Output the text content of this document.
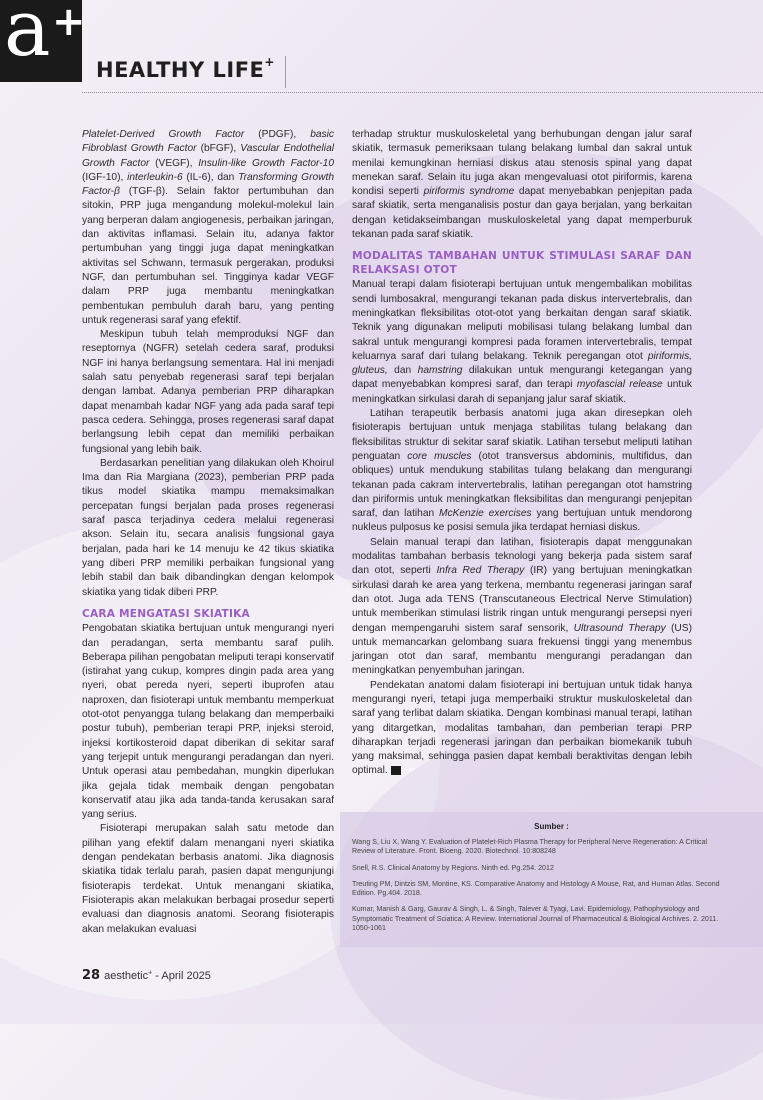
a +
HEALTHY LIFE+

Platelet-Derived Growth Factor (PDGF), basic Fibroblast Growth Factor (bFGF), Vascular Endothelial Growth Factor (VEGF), Insulin-like Growth Factor-10 (IGF-10), interleukin-6 (IL-6), dan Transforming Growth Factor-β (TGF-β). Selain faktor pertumbuhan dan sitokin, PRP juga mengandung molekul-molekul lain yang berperan dalam angiogenesis, perbaikan jaringan, dan aktivitas inflamasi. Selain itu, adanya faktor pertumbuhan yang tinggi juga dapat meningkatkan aktivitas sel Schwann, termasuk pergerakan, produksi NGF, dan pertumbuhan sel. Tingginya kadar VEGF dalam PRP juga membantu meningkatkan pembentukan pembuluh darah baru, yang penting untuk regenerasi saraf yang efektif.

Meskipun tubuh telah memproduksi NGF dan reseptornya (NGFR) setelah cedera saraf, produksi NGF ini hanya berlangsung sementara. Hal ini menjadi salah satu penyebab regenerasi saraf tepi berjalan dengan lambat. Adanya pemberian PRP diharapkan dapat menambah kadar NGF yang ada pada saraf tepi pasca cedera. Sehingga, proses regenerasi saraf dapat berlangsung lebih cepat dan memiliki perbaikan fungsional yang lebih baik.

Berdasarkan penelitian yang dilakukan oleh Khoirul Ima dan Ria Margiana (2023), pemberian PRP pada tikus model skiatika mampu memaksimalkan percepatan fungsi berjalan pada proses regenerasi saraf pasca terjadinya cedera melalui regenerasi akson. Selain itu, secara analisis fungsional gaya berjalan, pada hari ke 14 menuju ke 42 tikus skiatika yang diberi PRP memiliki perbaikan fungsional yang lebih stabil dan baik dibandingkan dengan kelompok skiatika yang tidak diberi PRP.

CARA MENGATASI SKIATIKA

Pengobatan skiatika bertujuan untuk mengurangi nyeri dan peradangan, serta membantu saraf pulih. Beberapa pilihan pengobatan meliputi terapi konservatif (istirahat yang cukup, kompres dingin pada area yang nyeri, obat pereda nyeri, seperti ibuprofen atau naproxen, dan fisioterapi untuk membantu memperkuat otot-otot penyangga tulang belakang dan memperbaiki postur tubuh), pemberian terapi PRP, injeksi steroid, injeksi kortikosteroid dapat diberikan di sekitar saraf yang terjepit untuk mengurangi peradangan dan nyeri. Untuk operasi atau pembedahan, mungkin diperlukan jika gejala tidak membaik dengan pengobatan konservatif atau jika ada tanda-tanda kerusakan saraf yang serius.

Fisioterapi merupakan salah satu metode dan pilihan yang efektif dalam menangani nyeri skiatika dengan pendekatan berbasis anatomi. Jika diagnosis skiatika tidak terlalu parah, pasien dapat mengunjungi fisioterapis terdekat. Untuk menangani skiatika, Fisioterapis akan melakukan berbagai prosedur seperti evaluasi dan diagnosis anatomi. Seorang fisioterapis akan melakukan evaluasi

terhadap struktur muskuloskeletal yang berhubungan dengan jalur saraf skiatik, termasuk pemeriksaan tulang belakang lumbal dan sakral untuk menilai kemungkinan herniasi diskus atau stenosis spinal yang dapat menekan saraf. Selain itu juga akan mengevaluasi otot piriformis, karena kondisi seperti piriformis syndrome dapat menyebabkan penjepitan pada saraf skiatik, serta menganalisis postur dan gaya berjalan, yang berkaitan dengan ketidakseimbangan muskuloskeletal yang dapat memperburuk tekanan pada saraf skiatik.

MODALITAS TAMBAHAN UNTUK STIMULASI SARAF DAN RELAKSASI OTOT

Manual terapi dalam fisioterapi bertujuan untuk mengembalikan mobilitas sendi lumbosakral, mengurangi tekanan pada diskus intervertebralis, dan meningkatkan fleksibilitas otot-otot yang berkaitan dengan saraf skiatik. Teknik yang digunakan meliputi mobilisasi tulang belakang lumbal dan sakral untuk mengurangi kompresi pada foramen intervertebralis, tempat keluarnya saraf dari tulang belakang. Teknik peregangan otot piriformis, gluteus, dan hamstring dilakukan untuk mengurangi ketegangan yang dapat menyebabkan kompresi saraf, dan terapi myofascial release untuk meningkatkan sirkulasi darah di sepanjang jalur saraf skiatik.

Latihan terapeutik berbasis anatomi juga akan diresepkan oleh fisioterapis bertujuan untuk menjaga stabilitas tulang belakang dan fleksibilitas struktur di sekitar saraf skiatik. Latihan tersebut meliputi latihan penguatan core muscles (otot transversus abdominis, multifidus, dan obliques) untuk mendukung stabilitas tulang belakang dan mengurangi tekanan pada cakram intervertebralis, latihan peregangan otot hamstring dan piriformis untuk meningkatkan fleksibilitas dan mengurangi penjepitan saraf, dan latihan McKenzie exercises yang bertujuan untuk mendorong nukleus pulposus ke posisi semula jika terdapat herniasi diskus.

Selain manual terapi dan latihan, fisioterapis dapat menggunakan modalitas tambahan berbasis teknologi yang bekerja pada sistem saraf dan otot, seperti Infra Red Therapy (IR) yang bertujuan meningkatkan sirkulasi darah ke area yang terkena, membantu regenerasi jaringan saraf dan otot. Juga ada TENS (Transcutaneous Electrical Nerve Stimulation) untuk memberikan stimulasi listrik ringan untuk mengurangi persepsi nyeri dengan mempengaruhi sistem saraf sensorik, Ultrasound Therapy (US) untuk memancarkan gelombang suara frekuensi tinggi yang menembus jaringan otot dan saraf, membantu mengurangi peradangan dan meningkatkan penyembuhan jaringan.

Pendekatan anatomi dalam fisioterapi ini bertujuan untuk tidak hanya mengurangi nyeri, tetapi juga memperbaiki struktur muskuloskeletal dan saraf yang terlibat dalam skiatika. Dengan kombinasi manual terapi, latihan yang ditargetkan, modalitas tambahan, dan pemberian terapi PRP diharapkan terjadi regenerasi jaringan dan perbaikan biomekanik tubuh yang maksimal, sehingga pasien dapat kembali beraktivitas dengan lebih optimal.	a+

Sumber :
Wang S, Liu X, Wang Y. Evaluation of Platelet-Rich Plasma Therapy for Peripheral Nerve Regeneration: A Critical Review of Literature. Front. Bioeng. 2020. Biotechnol. 10:808248
Snell, R.S. Clinical Anatomy by Regions. Ninth ed. Pg.254. 2012
Treuting PM, Dintzis SM, Montine, KS. Comparative Anatomy and Histology A Mouse, Rat, and Human Atlas. Second Edition. Pg.404. 2018.
Kumar, Manish & Garg, Gaurav & Singh, L. & Singh, Talever & Tyagi, Lavi. Epidemiology, Pathophysiology and Symptomatic Treatment of Sciatica: A Review. International Journal of Pharmaceutical & Biological Archives. 2. 2011. 1050-1061
28 aesthetic+ - April 2025
